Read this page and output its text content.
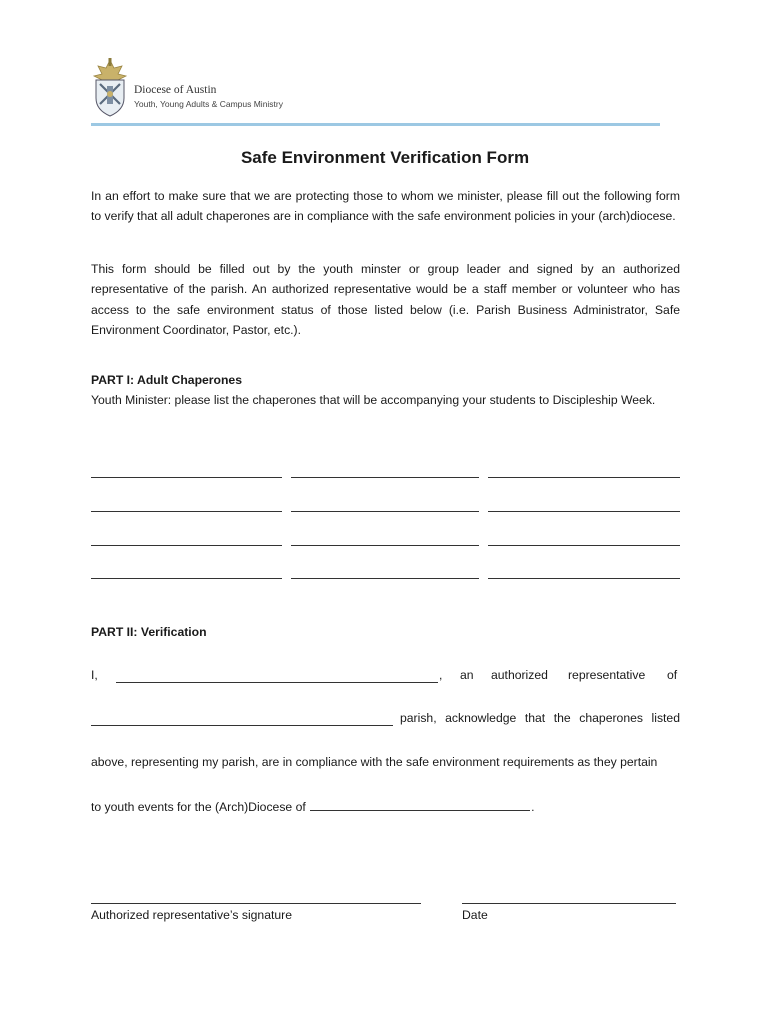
Diocese of Austin
Youth, Young Adults & Campus Ministry
Safe Environment Verification Form

In an effort to make sure that we are protecting those to whom we minister, please fill out the following form to verify that all adult chaperones are in compliance with the safe environment policies in your (arch)diocese.

This form should be filled out by the youth minster or group leader and signed by an authorized representative of the parish. An authorized representative would be a staff member or volunteer who has access to the safe environment status of those listed below (i.e. Parish Business Administrator, Safe Environment Coordinator, Pastor, etc.).

PART I: Adult Chaperones

Youth Minister: please list the chaperones that will be accompanying your students to Discipleship Week.

PART II: Verification

I,	, an authorized representative of
parish, acknowledge that the chaperones listed
above, representing my parish, are in compliance with the safe environment requirements as they pertain
to youth events for the (Arch)Diocese of	.
Authorized representative’s signature	Date
